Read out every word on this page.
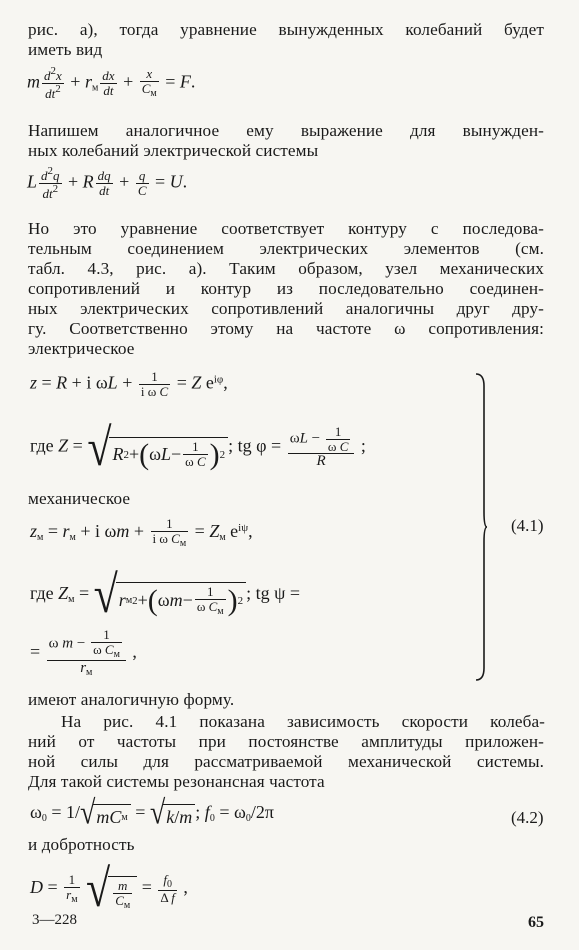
рис. а), тогда уравнение вынужденных колебаний будет
иметь вид
m $\frac{d^2x}{dt^2} + r_м \frac{dx}{dt} + \frac{x}{C_м} = F$.
Напишем аналогичное ему выражение для вынужден-
ных колебаний электрической системы
L $\frac{d^2q}{dt^2} + R \frac{dq}{dt} + \frac{q}{C} = U$.
Но это уравнение соответствует контуру с последова-
тельным соединением электрических элементов (см.
табл. 4.3, рис. а). Таким образом, узел механических
сопротивлений и контур из последовательно соединен-
ных электрических сопротивлений аналогичны друг дру-
гу. Соответственно этому на частоте ω сопротивления:
электрическое
z = R + i $\omega L + \frac{1}{\text{i ω C}} = Z$ $e^{i\varphi}$,
где Z = √ R 2 + ( ω $L - \frac{1}{\text{ω C}}$ ) 2 ; tg $\varphi = \frac{\omega L - \frac{1}{\text{ω C}}}{R}$ ;
механическое
$z_м = r_м + i$ $\omega m + \frac{1}{i \omega C_м} = Z_м$ $e^{i\psi}$,
где $Z_м$ = √ r м 2 + ( ω $m - \frac{1}{\omega C_м}$ ) 2 ; tg ψ =
= $\frac{\omega m - \frac{1}{\omega C_м}}{r_м}$ ,
(4.1)
имеют аналогичную форму.
На рис. 4.1 показана зависимость скорости колеба-
ний от частоты при постоянстве амплитуды приложен-
ной силы для рассматриваемой механической системы.
Для такой системы резонансная частота
$\omega_0 = 1/$ √ mC м = √ k / m ; $f_0 = \omega_0/2\pi$	(4.2)
и добротность
$D = \frac{1}{r_м}$
√ $\frac{m}{C_м} = \frac{f_0}{\text{Δ f}}$ ,
3—228	65
